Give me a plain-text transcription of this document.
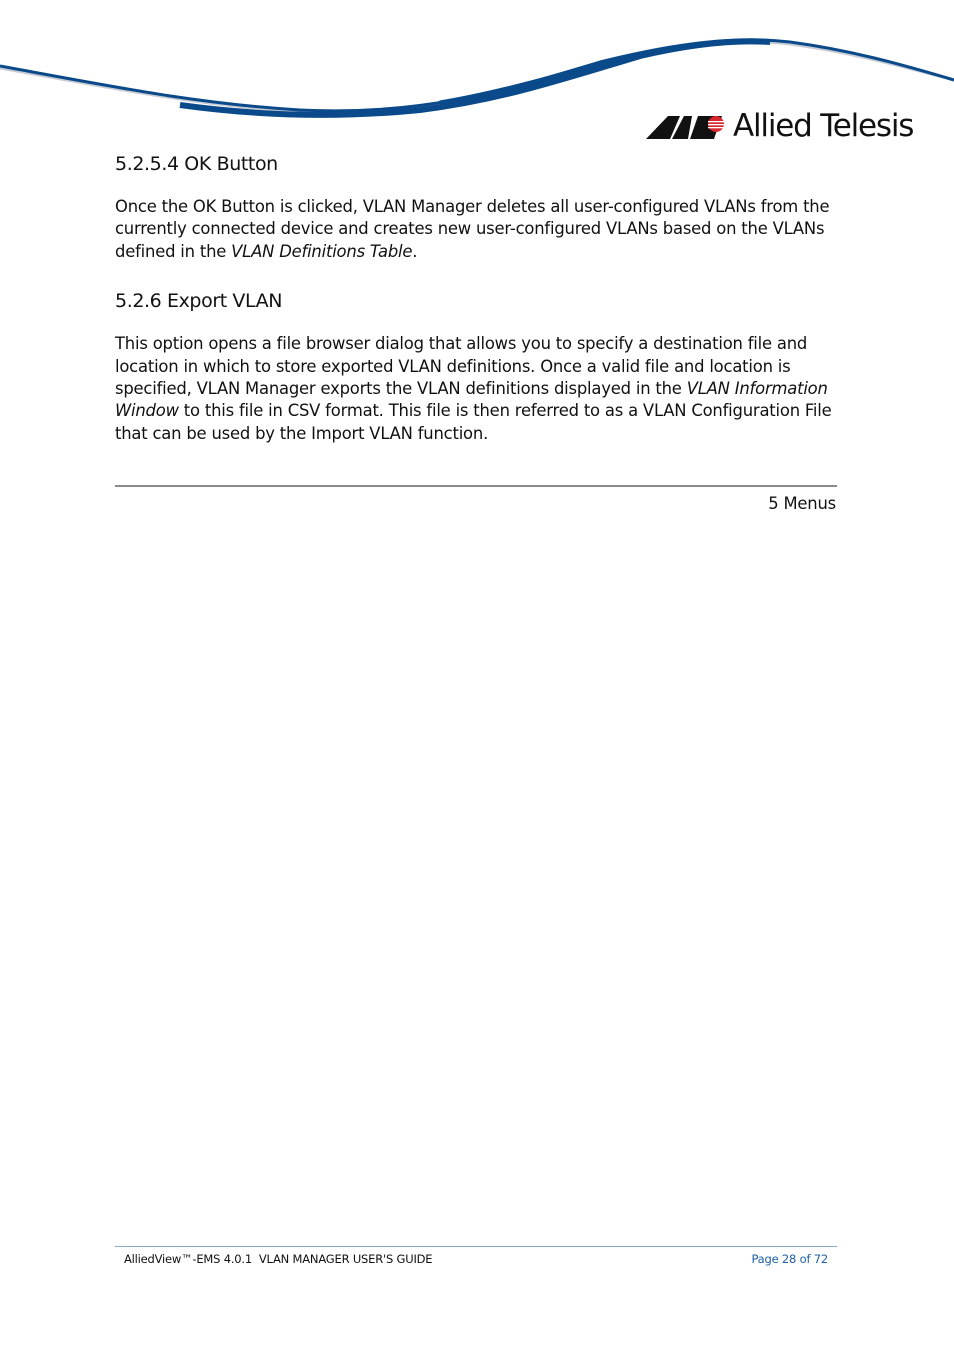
Allied Telesis
5.2.5.4 OK Button

Once the OK Button is clicked, VLAN Manager deletes all user-configured VLANs from the currently connected device and creates new user-configured VLANs based on the VLANs defined in the VLAN Definitions Table.

5.2.6 Export VLAN

This option opens a file browser dialog that allows you to specify a destination file and location in which to store exported VLAN definitions. Once a valid file and location is specified, VLAN Manager exports the VLAN definitions displayed in the VLAN Information Window to this file in CSV format. This file is then referred to as a VLAN Configuration File that can be used by the Import VLAN function.

5 Menus
AlliedView™-EMS 4.0.1  VLAN MANAGER USER'S GUIDE	Page 28 of 72
